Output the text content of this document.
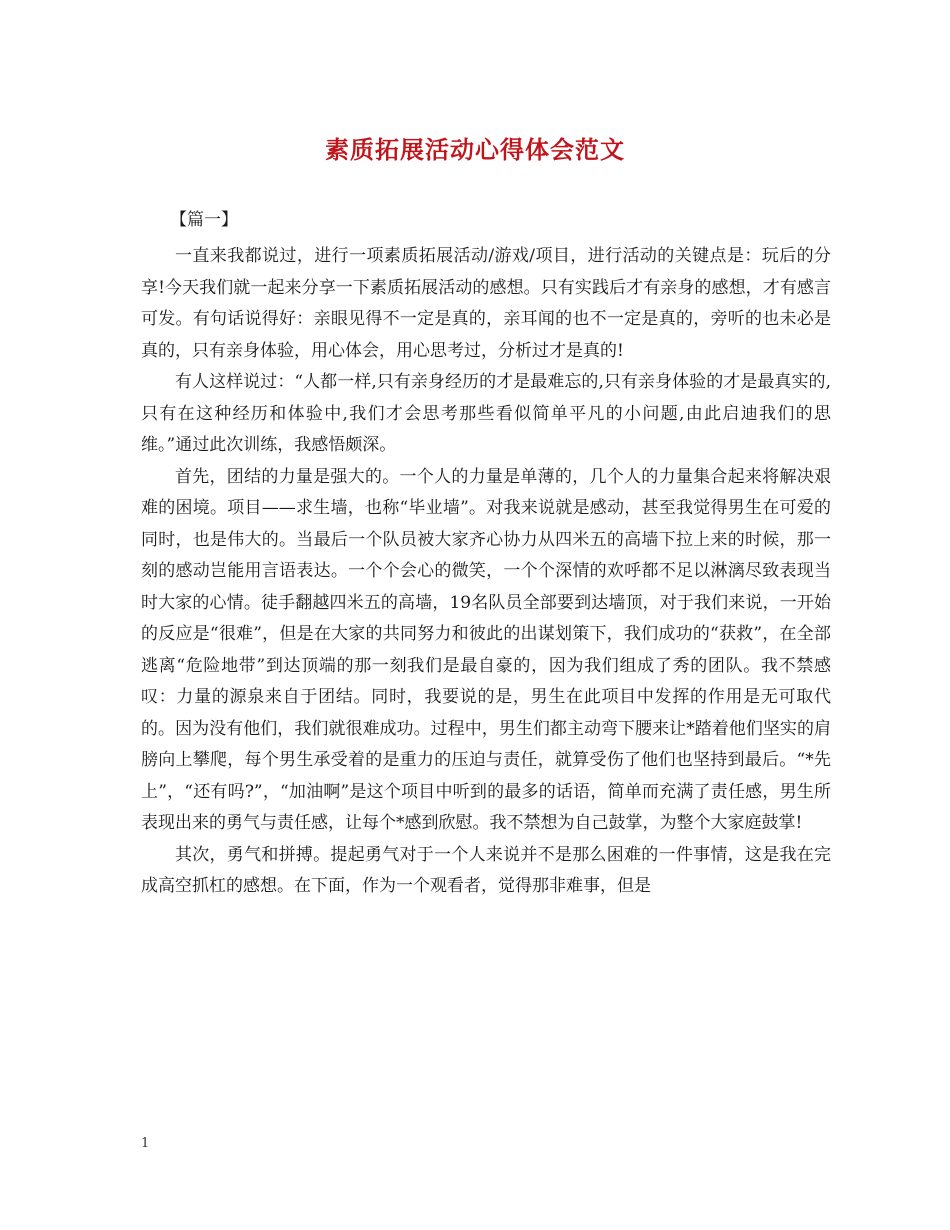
素质拓展活动心得体会范文
【篇一】

一直来我都说过，进行一项素质拓展活动/游戏/项目，进行活动的关键点是：玩后的分享!今天我们就一起来分享一下素质拓展活动的感想。只有实践后才有亲身的感想，才有感言可发。有句话说得好：亲眼见得不一定是真的，亲耳闻的也不一定是真的，旁听的也未必是真的，只有亲身体验，用心体会，用心思考过，分析过才是真的!

有人这样说过：“人都一样,只有亲身经历的才是最难忘的,只有亲身体验的才是最真实的,只有在这种经历和体验中,我们才会思考那些看似简单平凡的小问题,由此启迪我们的思维。”通过此次训练，我感悟颇深。

首先，团结的力量是强大的。一个人的力量是单薄的，几个人的力量集合起来将解决艰难的困境。项目——求生墙，也称“毕业墙”。对我来说就是感动，甚至我觉得男生在可爱的同时，也是伟大的。当最后一个队员被大家齐心协力从四米五的高墙下拉上来的时候，那一刻的感动岂能用言语表达。一个个会心的微笑，一个个深情的欢呼都不足以淋漓尽致表现当时大家的心情。徒手翻越四米五的高墙，19名队员全部要到达墙顶，对于我们来说，一开始的反应是“很难”，但是在大家的共同努力和彼此的出谋划策下，我们成功的“获救”，在全部逃离“危险地带”到达顶端的那一刻我们是最自豪的，因为我们组成了秀的团队。我不禁感叹：力量的源泉来自于团结。同时，我要说的是，男生在此项目中发挥的作用是无可取代的。因为没有他们，我们就很难成功。过程中，男生们都主动弯下腰来让*踏着他们坚实的肩膀向上攀爬，每个男生承受着的是重力的压迫与责任，就算受伤了他们也坚持到最后。“*先上”，“还有吗?”，“加油啊”是这个项目中听到的最多的话语，简单而充满了责任感，男生所表现出来的勇气与责任感，让每个*感到欣慰。我不禁想为自己鼓掌，为整个大家庭鼓掌!

其次，勇气和拼搏。提起勇气对于一个人来说并不是那么困难的一件事情，这是我在完成高空抓杠的感想。在下面，作为一个观看者，觉得那非难事，但是

1
